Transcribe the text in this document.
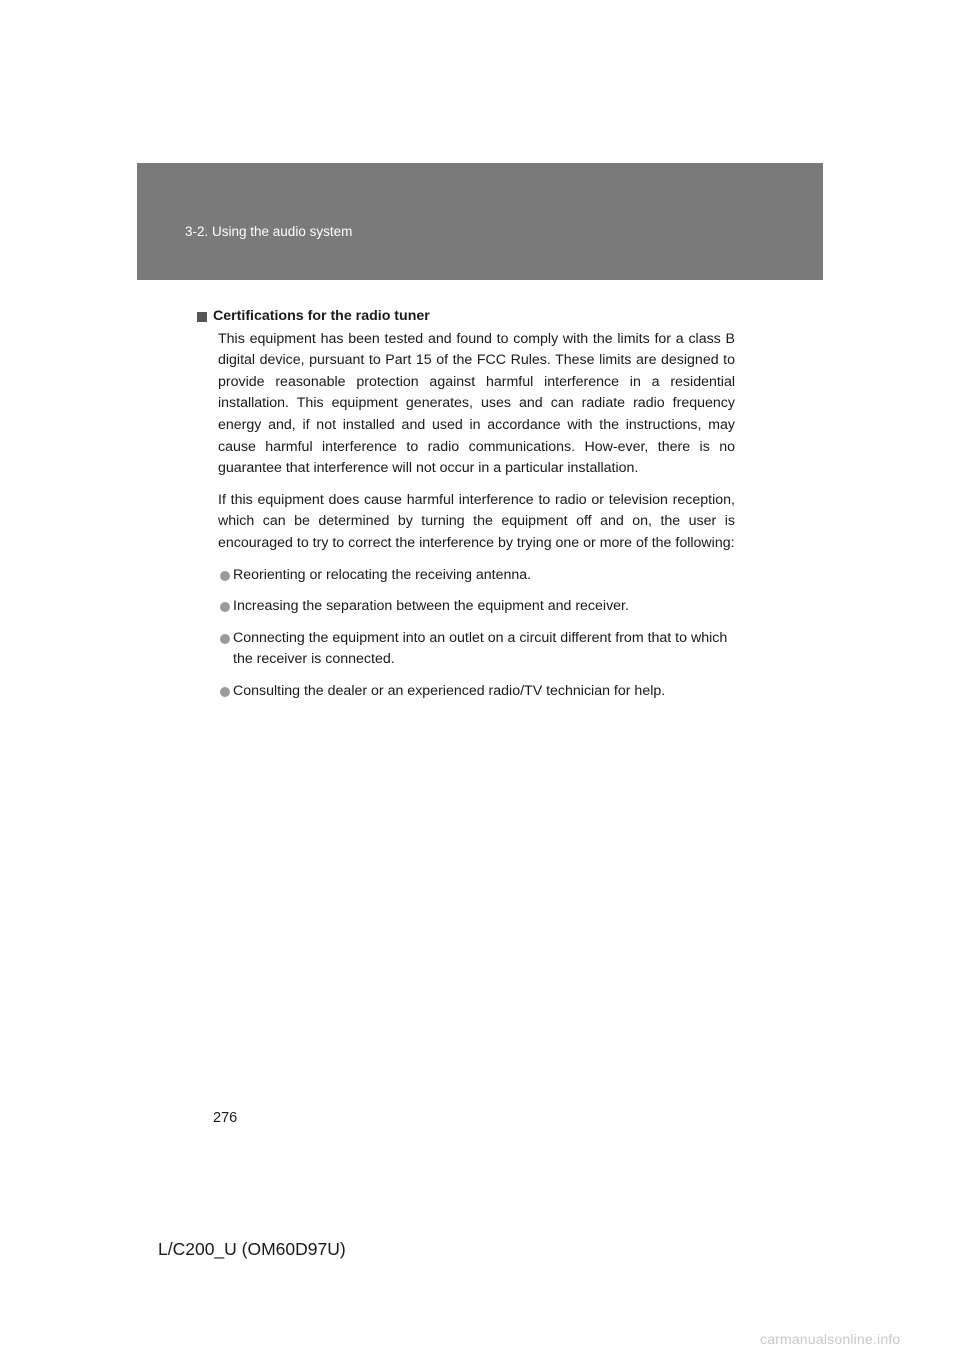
3-2. Using the audio system
Certifications for the radio tuner

This equipment has been tested and found to comply with the limits for a class B digital device, pursuant to Part 15 of the FCC Rules. These limits are designed to provide reasonable protection against harmful interference in a residential installation. This equipment generates, uses and can radiate radio frequency energy and, if not installed and used in accordance with the instructions, may cause harmful interference to radio communications. How-ever, there is no guarantee that interference will not occur in a particular installation.

If this equipment does cause harmful interference to radio or television reception, which can be determined by turning the equipment off and on, the user is encouraged to try to correct the interference by trying one or more of the following:

Reorienting or relocating the receiving antenna.
Increasing the separation between the equipment and receiver.
Connecting the equipment into an outlet on a circuit different from that to which the receiver is connected.
Consulting the dealer or an experienced radio/TV technician for help.
276
L/C200_U (OM60D97U)
carmanualsonline.info
